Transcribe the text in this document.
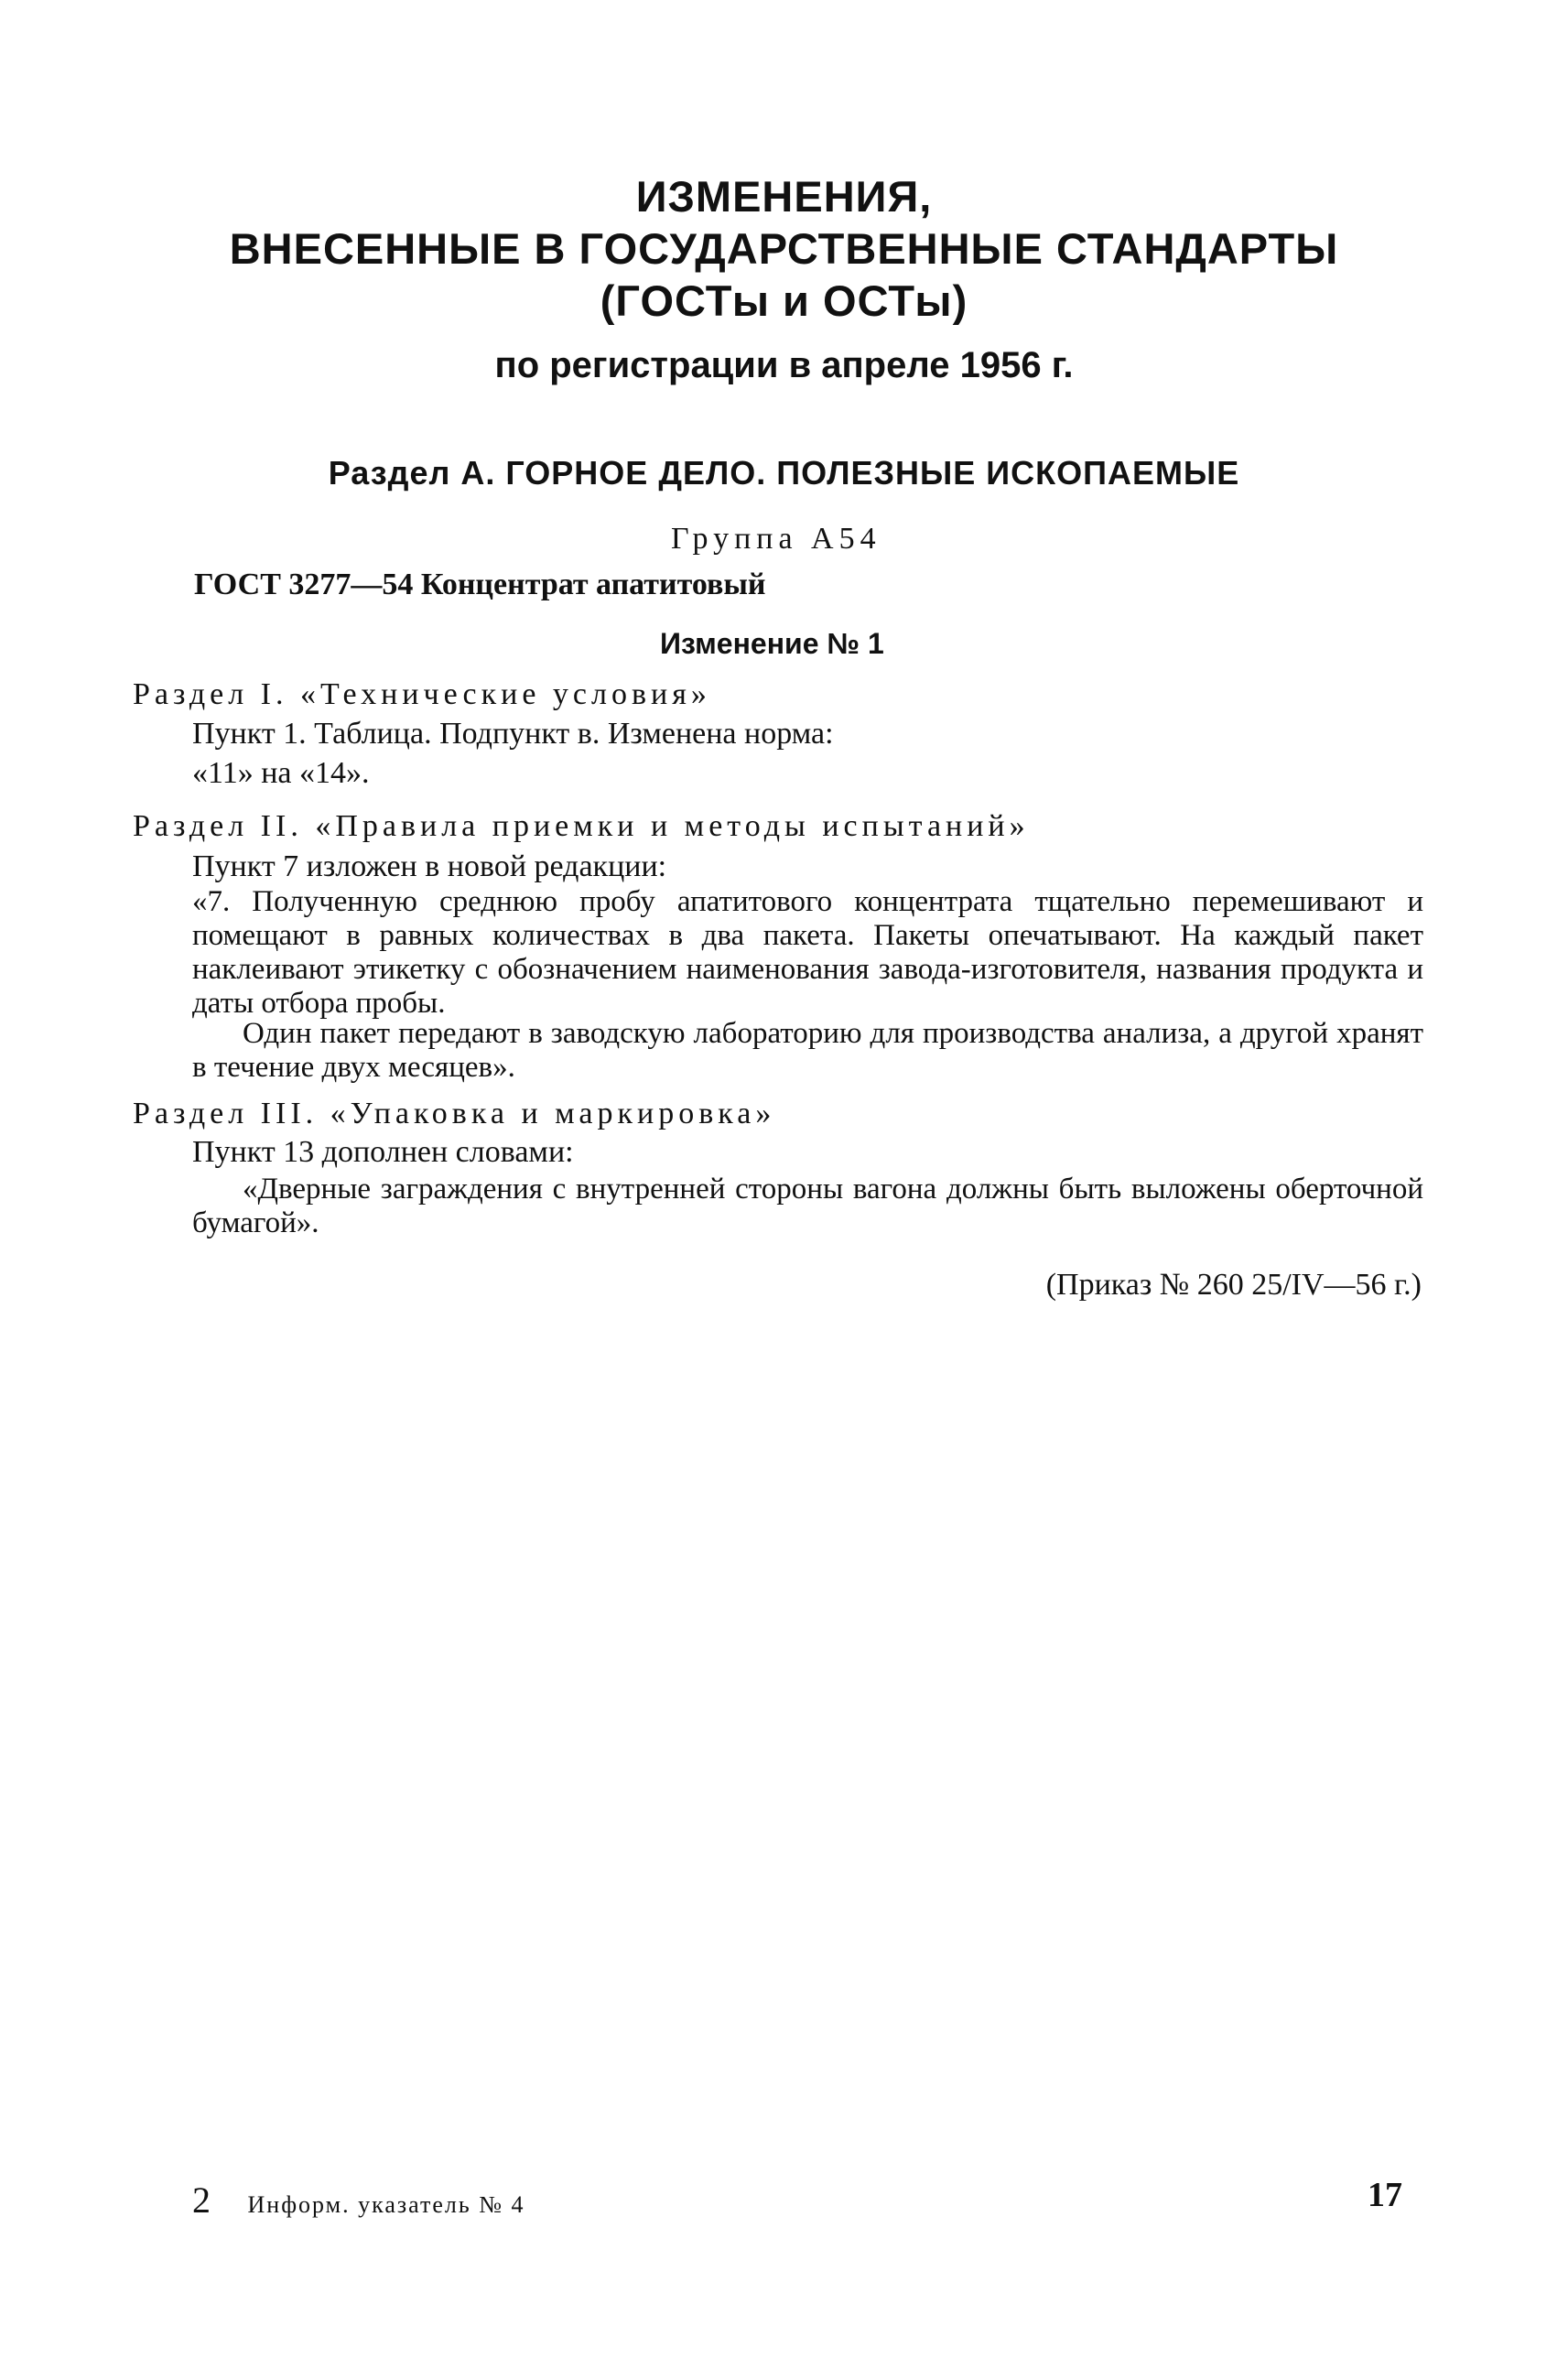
ИЗМЕНЕНИЯ,
ВНЕСЕННЫЕ В ГОСУДАРСТВЕННЫЕ СТАНДАРТЫ
(ГОСТы и ОСТы)
по регистрации в апреле 1956 г.
Раздел А. ГОРНОЕ ДЕЛО. ПОЛЕЗНЫЕ ИСКОПАЕМЫЕ
Группа А54
ГОСТ 3277—54 Концентрат апатитовый
Изменение № 1
Раздел I. «Технические условия»
Пункт 1. Таблица. Подпункт в. Изменена норма:
«11» на «14».
Раздел II. «Правила приемки и методы испытаний»
Пункт 7 изложен в новой редакции:
«7. Полученную среднюю пробу апатитового концентрата тщательно перемешивают и помещают в равных количествах в два пакета. Пакеты опечатывают. На каждый пакет наклеивают этикетку с обозначением наименования завода-изготовителя, названия продукта и даты отбора пробы.
Один пакет передают в заводскую лабораторию для производства анализа, а другой хранят в течение двух месяцев».
Раздел III. «Упаковка и маркировка»
Пункт 13 дополнен словами:
«Дверные заграждения с внутренней стороны вагона должны быть выложены оберточной бумагой».
(Приказ № 260 25/IV—56 г.)
2 Информ. указатель № 4	17
